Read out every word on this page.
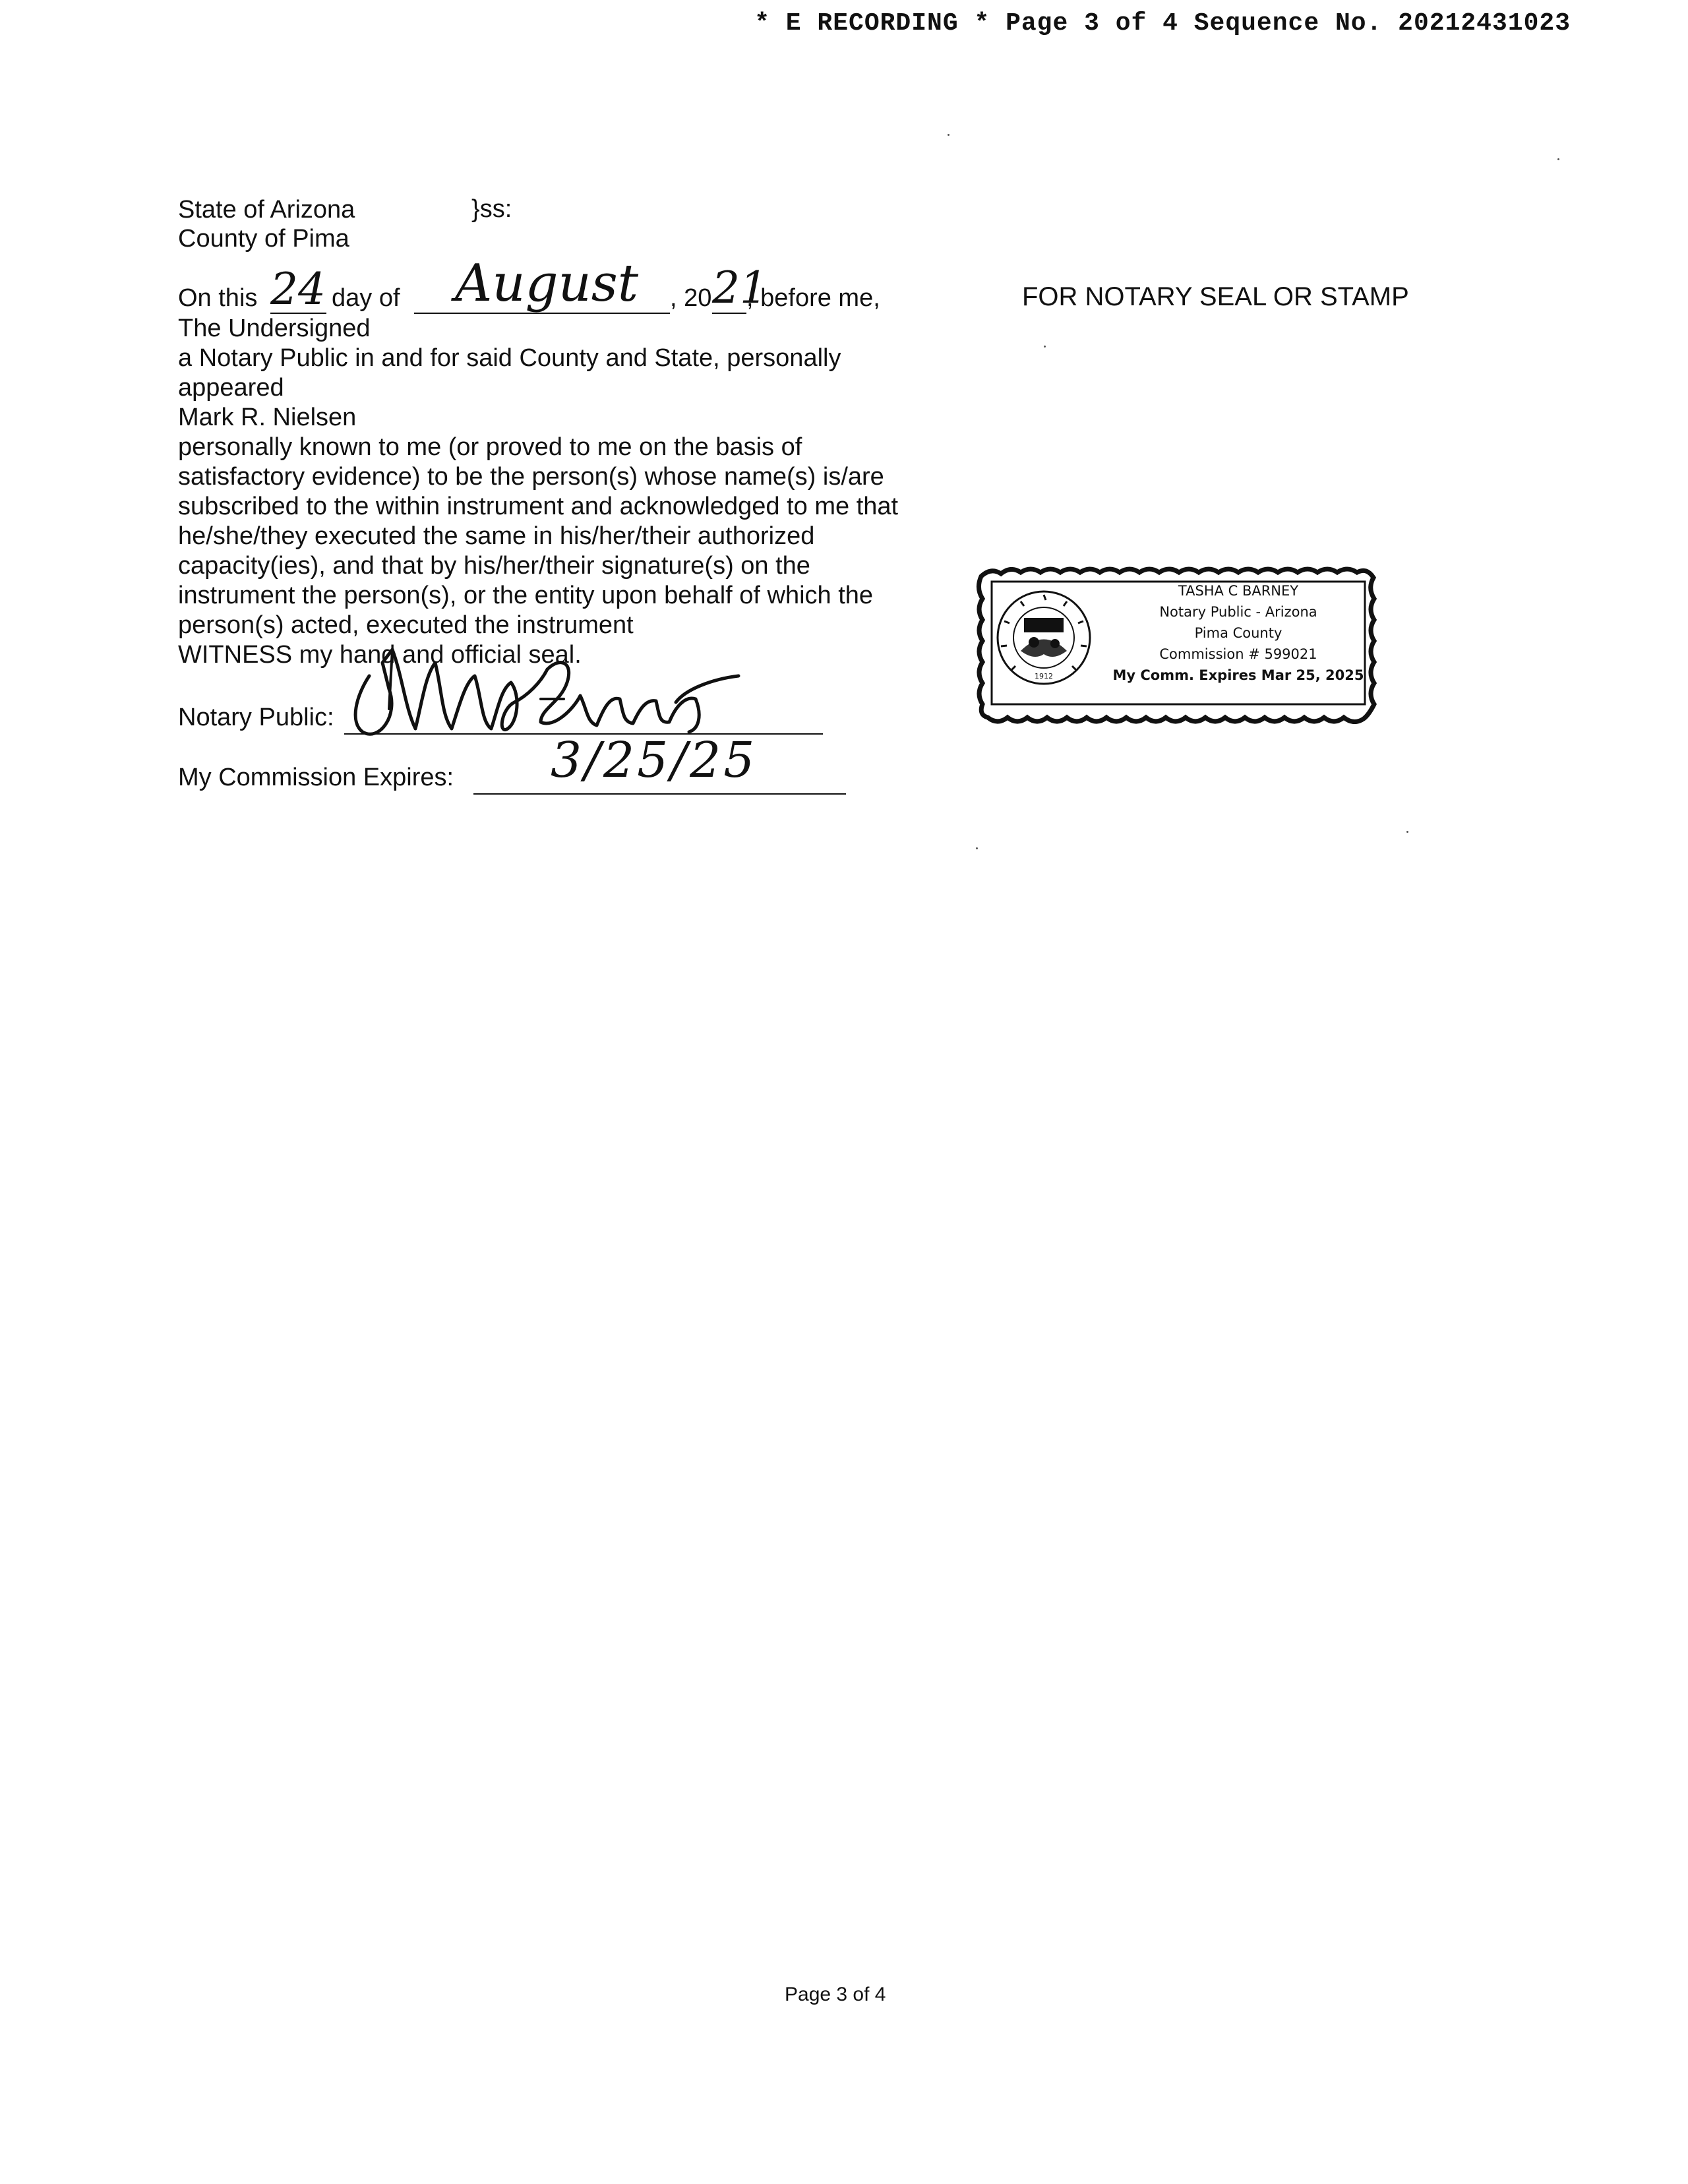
* E RECORDING * Page 3 of 4 Sequence No. 20212431023
State of Arizona	}ss:
County of Pima
On this 24 day of August , 20 21
, before me,
The Undersigned
a Notary Public in and for said County and State, personally
appeared
Mark R. Nielsen
personally known to me (or proved to me on the basis of
satisfactory evidence) to be the person(s) whose name(s) is/are
subscribed to the within instrument and acknowledged to me that
he/she/they executed the same in his/her/their authorized
capacity(ies), and that by his/her/their signature(s) on the
instrument the person(s), or the entity upon behalf of which the
person(s) acted, executed the instrument
WITNESS my hand and official seal.
Notary Public:
My Commission Expires: 3/25/25
FOR NOTARY SEAL OR STAMP
1912
TASHA C BARNEY
Notary Public - Arizona
Pima County
Commission # 599021
My Comm. Expires Mar 25, 2025
Page 3 of 4
